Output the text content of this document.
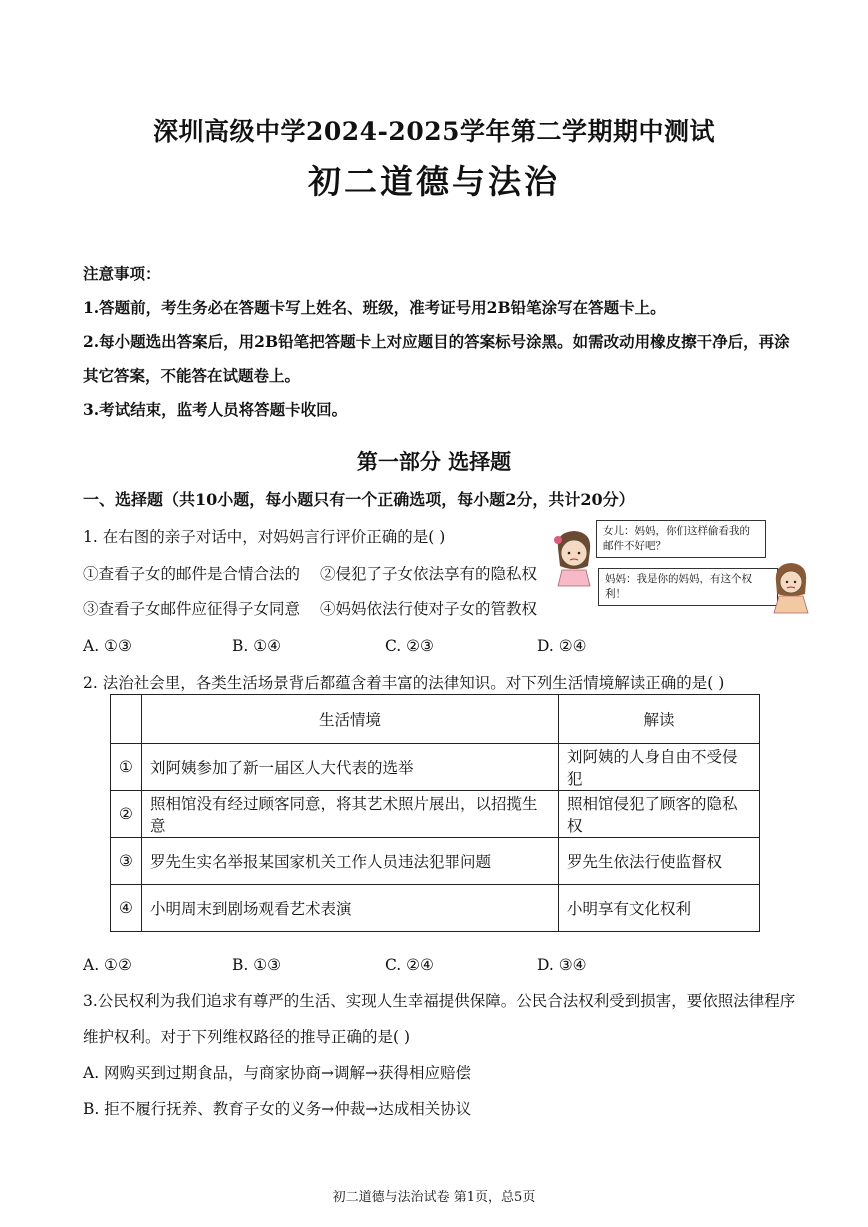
深圳高级中学2024-2025学年第二学期期中测试
初二道德与法治
注意事项：
1.答题前，考生务必在答题卡写上姓名、班级，准考证号用2B铅笔涂写在答题卡上。
2.每小题选出答案后，用2B铅笔把答题卡上对应题目的答案标号涂黑。如需改动用橡皮擦干净后，再涂
其它答案，不能答在试题卷上。
3.考试结束，监考人员将答题卡收回。
第一部分 选择题
一、选择题（共10小题，每小题只有一个正确选项，每小题2分，共计20分）
1. 在右图的亲子对话中，对妈妈言行评价正确的是( )
①查看子女的邮件是合情合法的 ②侵犯了子女依法享有的隐私权
③查看子女邮件应征得子女同意 ④妈妈依法行使对子女的管教权
A. ①③	B. ①④	C. ②③	D. ②④
女儿：妈妈，你们这样偷看我的邮件不好吧？
妈妈：我是你的妈妈，有这个权利！
2. 法治社会里，各类生活场景背后都蕴含着丰富的法律知识。对下列生活情境解读正确的是( )
	生活情境	解读
①	刘阿姨参加了新一届区人大代表的选举	刘阿姨的人身自由不受侵犯
②	照相馆没有经过顾客同意，将其艺术照片展出，以招揽生意	照相馆侵犯了顾客的隐私权
③	罗先生实名举报某国家机关工作人员违法犯罪问题	罗先生依法行使监督权
④	小明周末到剧场观看艺术表演	小明享有文化权利
A. ①②	B. ①③	C. ②④	D. ③④
3.公民权利为我们追求有尊严的生活、实现人生幸福提供保障。公民合法权利受到损害，要依照法律程序
维护权利。对于下列维权路径的推导正确的是( )
A. 网购买到过期食品，与商家协商→调解→获得相应赔偿
B. 拒不履行抚养、教育子女的义务→仲裁→达成相关协议
初二道德与法治试卷 第1页，总5页
